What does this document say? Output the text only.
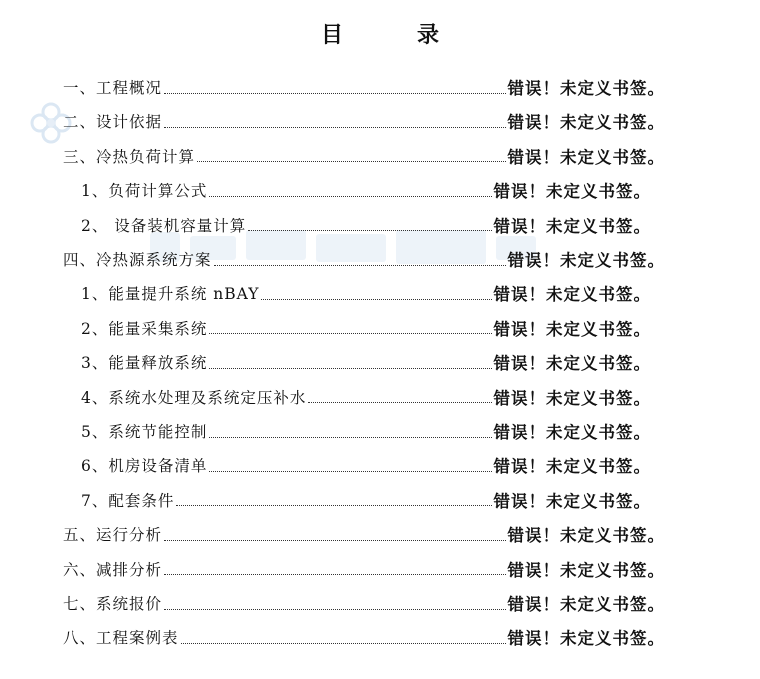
目　录
一、工程概况	错误！未定义书签。
二、设计依据	错误！未定义书签。
三、冷热负荷计算	错误！未定义书签。
1、负荷计算公式	错误！未定义书签。
2、 设备装机容量计算	错误！未定义书签。
四、冷热源系统方案	错误！未定义书签。
1、能量提升系统 nBAY	错误！未定义书签。
2、能量采集系统	错误！未定义书签。
3、能量释放系统	错误！未定义书签。
4、系统水处理及系统定压补水	错误！未定义书签。
5、系统节能控制	错误！未定义书签。
6、机房设备清单	错误！未定义书签。
7、配套条件	错误！未定义书签。
五、运行分析	错误！未定义书签。
六、减排分析	错误！未定义书签。
七、系统报价	错误！未定义书签。
八、工程案例表	错误！未定义书签。
